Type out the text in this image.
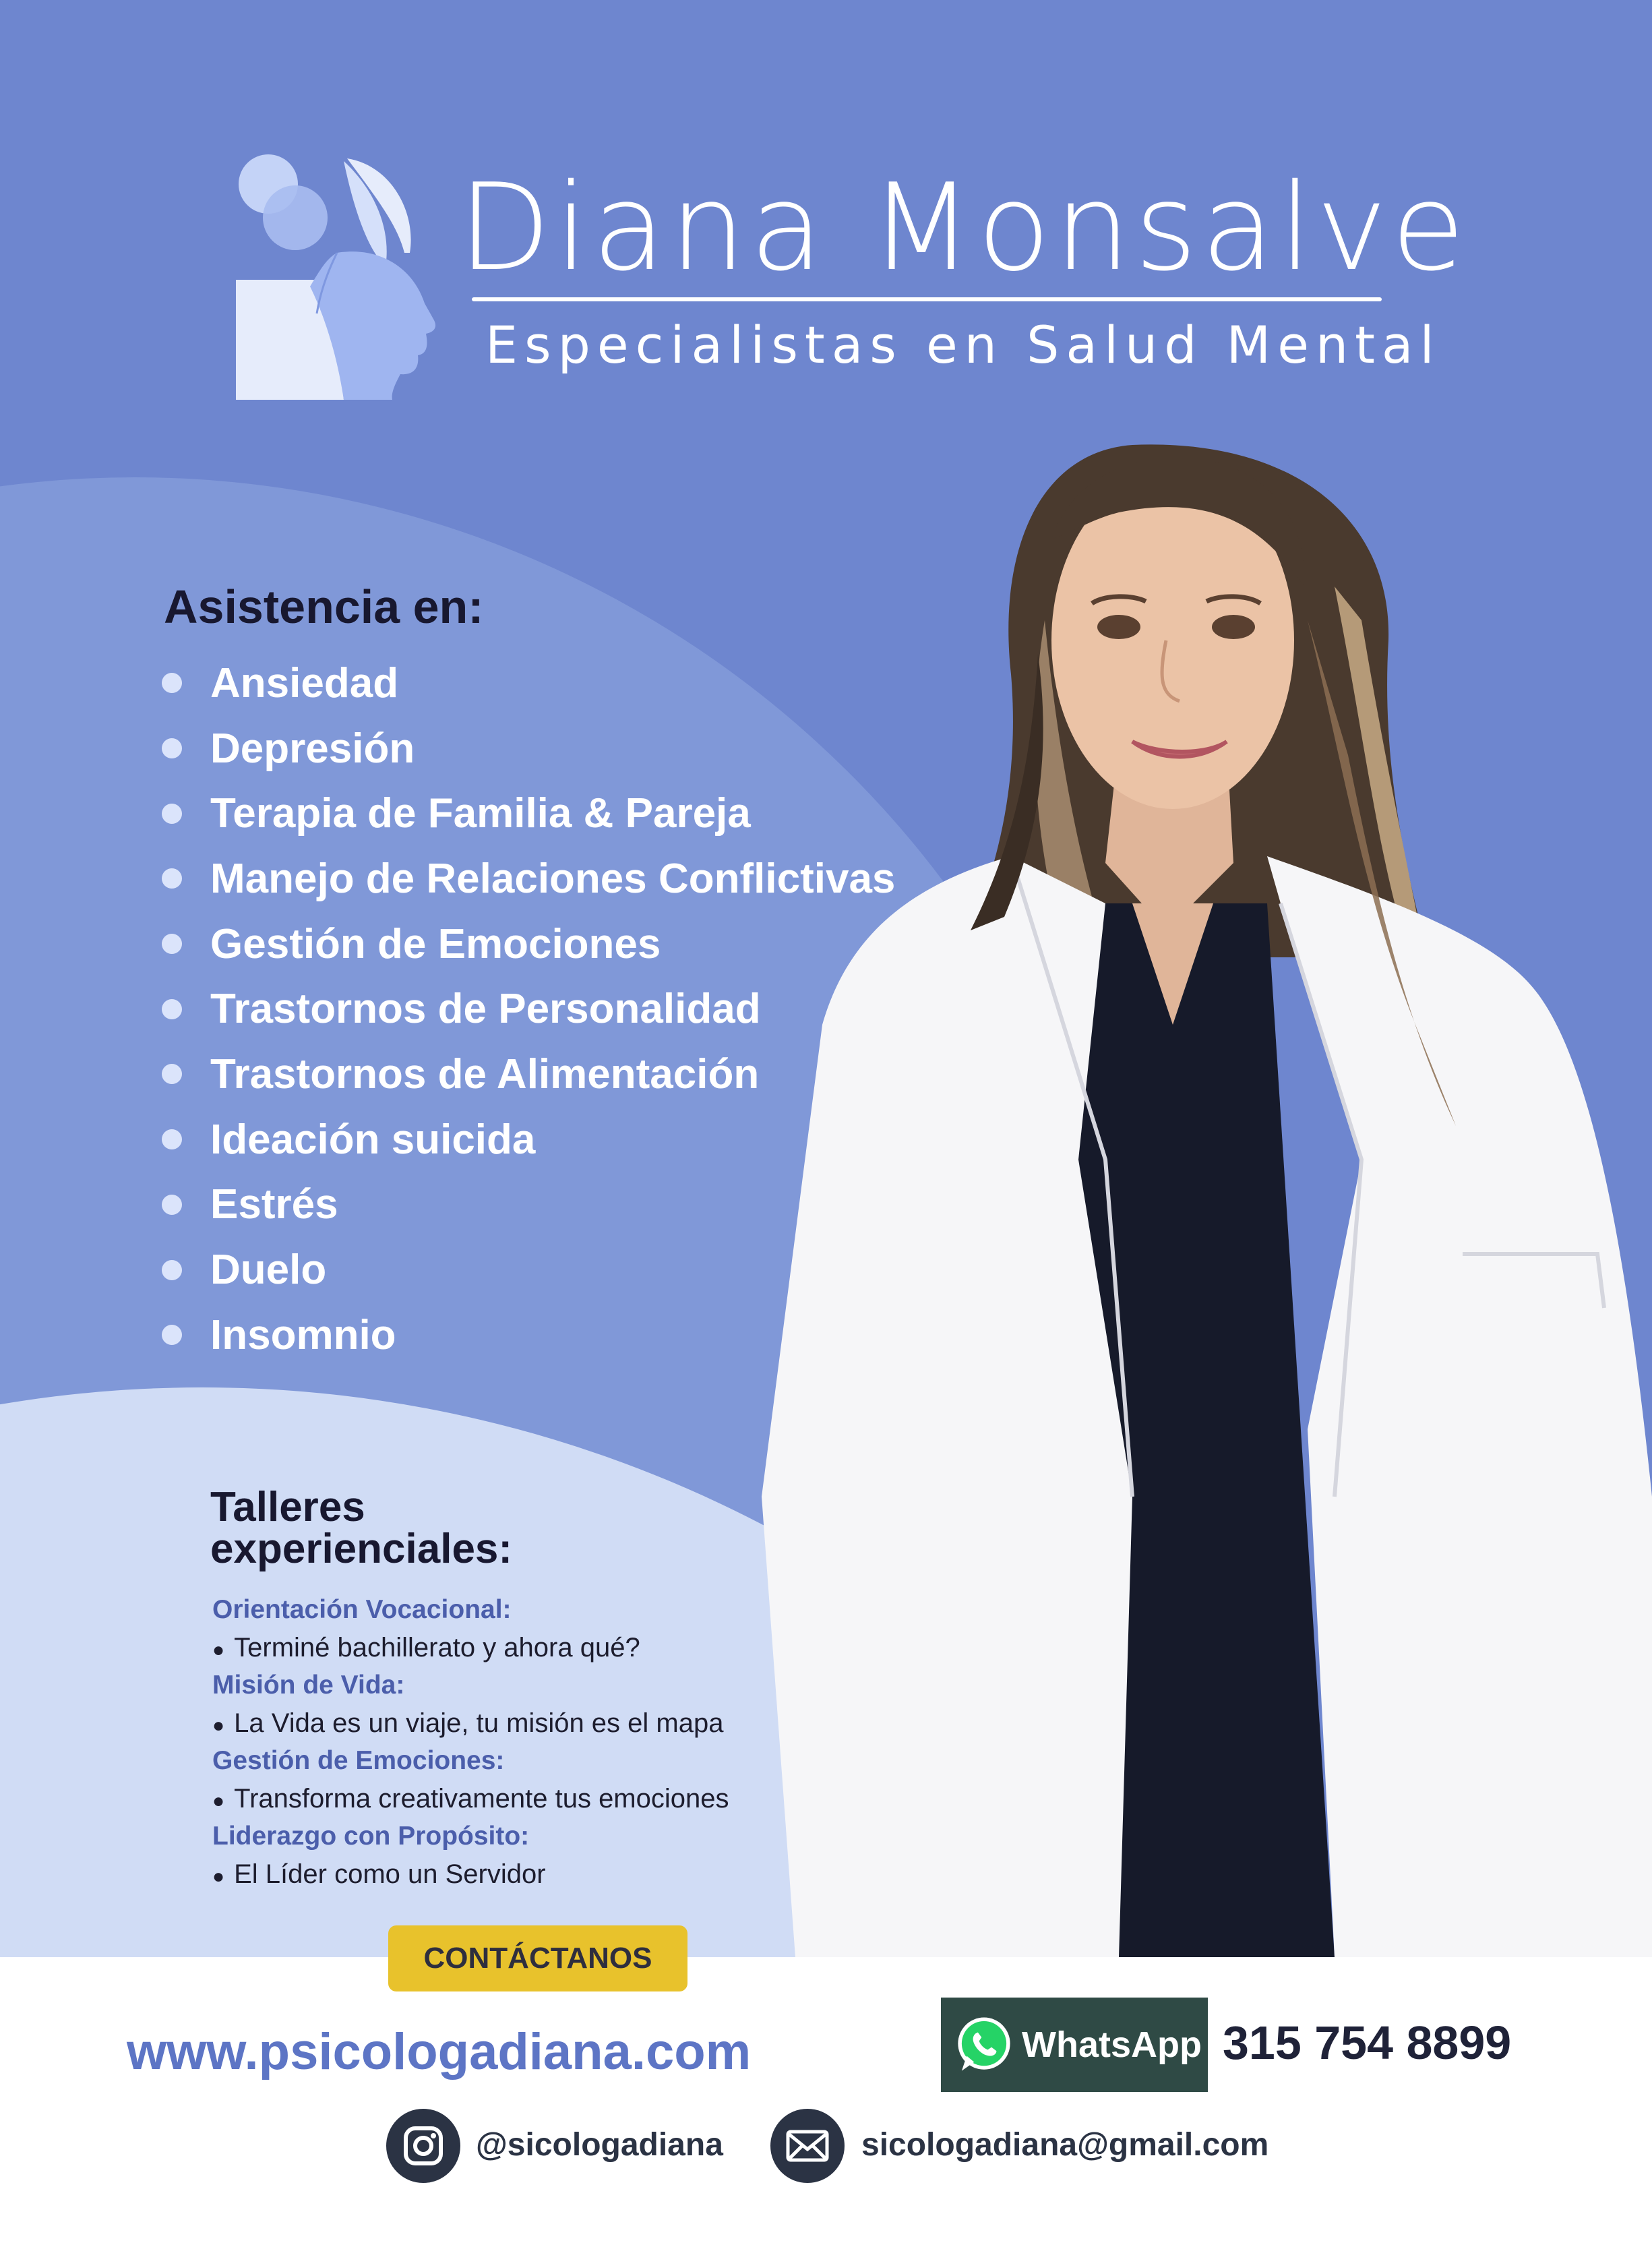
Diana Monsalve
Especialistas en Salud Mental
Asistencia en:
Ansiedad
Depresión
Terapia de Familia & Pareja
Manejo de Relaciones Conflictivas
Gestión de Emociones
Trastornos de Personalidad
Trastornos de Alimentación
Ideación suicida
Estrés
Duelo
Insomnio
Talleres
experienciales:
Orientación Vocacional:
● Terminé bachillerato y ahora qué?
Misión de Vida:
● La Vida es un viaje, tu misión es el mapa
Gestión de Emociones:
● Transforma creativamente tus emociones
Liderazgo con Propósito:
● El Líder como un Servidor
CONTÁCTANOS
www.psicologadiana.com	WhatsApp 315 754 8899
@sicologadiana	sicologadiana@gmail.com
